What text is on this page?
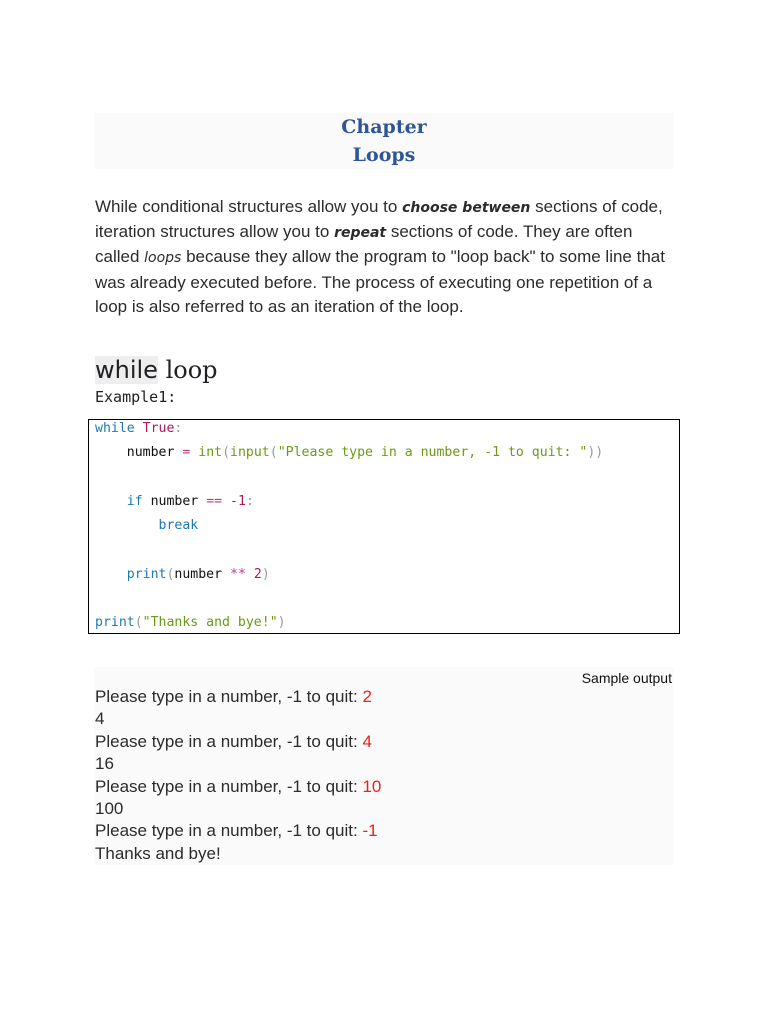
Chapter
Loops
While conditional structures allow you to choose between sections of code, iteration structures allow you to repeat sections of code. They are often called loops because they allow the program to "loop back" to some line that was already executed before. The process of executing one repetition of a loop is also referred to as an iteration of the loop.
while loop
Example1:
while True:
number = int(input("Please type in a number, -1 to quit: "))
if number == -1:
break
print(number ** 2)
print("Thanks and bye!")
Sample output
Please type in a number, -1 to quit: 2
4
Please type in a number, -1 to quit: 4
16
Please type in a number, -1 to quit: 10
100
Please type in a number, -1 to quit: -1
Thanks and bye!
